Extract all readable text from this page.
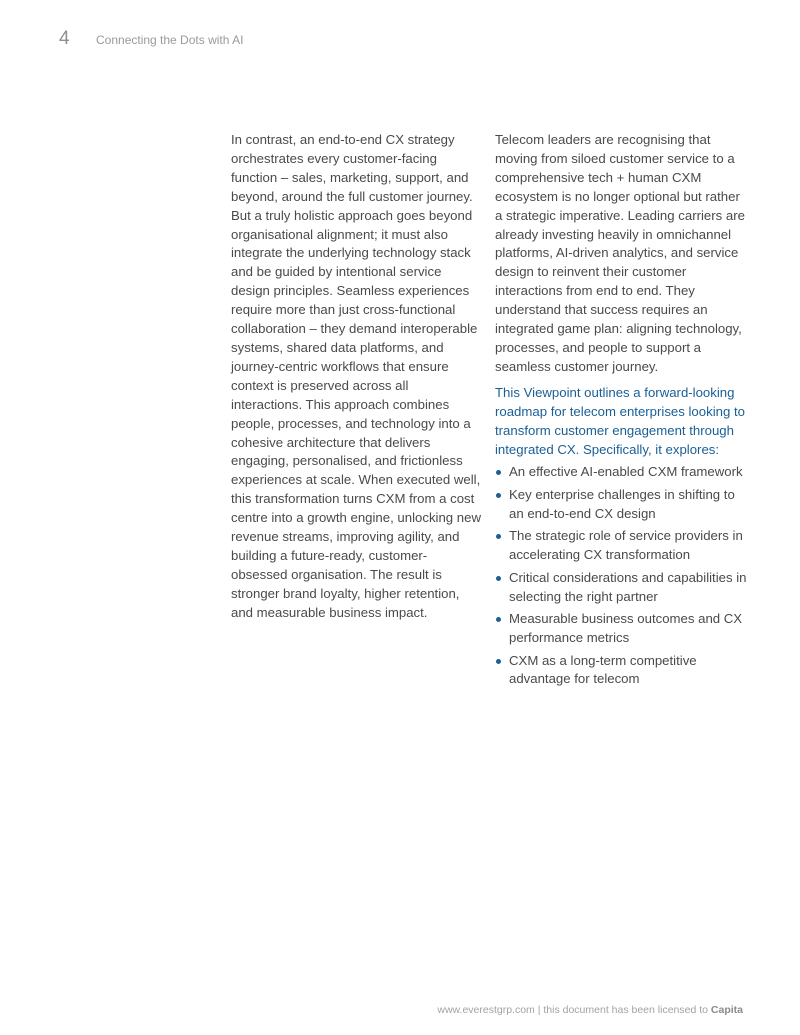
4 Connecting the Dots with AI

In contrast, an end-to-end CX strategy orchestrates every customer-facing function – sales, marketing, support, and beyond, around the full customer journey. But a truly holistic approach goes beyond organisational alignment; it must also integrate the underlying technology stack and be guided by intentional service design principles. Seamless experiences require more than just cross-functional collaboration – they demand interoperable systems, shared data platforms, and journey-centric workflows that ensure context is preserved across all interactions. This approach combines people, processes, and technology into a cohesive architecture that delivers engaging, personalised, and frictionless experiences at scale. When executed well, this transformation turns CXM from a cost centre into a growth engine, unlocking new revenue streams, improving agility, and building a future-ready, customer-obsessed organisation. The result is stronger brand loyalty, higher retention, and measurable business impact.

Telecom leaders are recognising that moving from siloed customer service to a comprehensive tech + human CXM ecosystem is no longer optional but rather a strategic imperative. Leading carriers are already investing heavily in omnichannel platforms, AI-driven analytics, and service design to reinvent their customer interactions from end to end. They understand that success requires an integrated game plan: aligning technology, processes, and people to support a seamless customer journey.

This Viewpoint outlines a forward-looking roadmap for telecom enterprises looking to transform customer engagement through integrated CX. Specifically, it explores:

An effective AI-enabled CXM framework
Key enterprise challenges in shifting to an end-to-end CX design
The strategic role of service providers in accelerating CX transformation
Critical considerations and capabilities in selecting the right partner
Measurable business outcomes and CX performance metrics
CXM as a long-term competitive advantage for telecom
www.everestgrp.com | this document has been licensed to Capita
